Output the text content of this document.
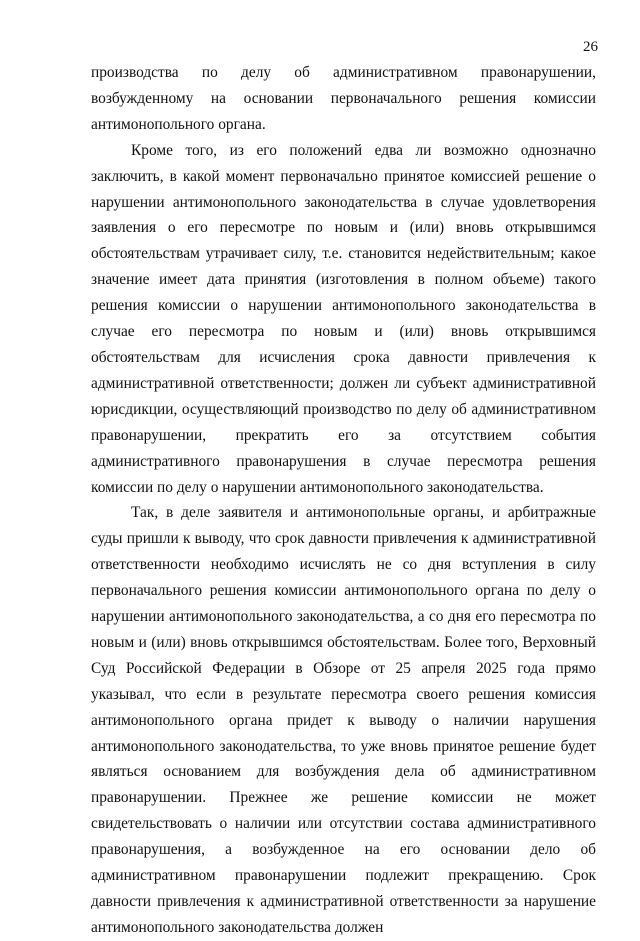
26

производства по делу об административном правонарушении, возбужденному на основании первоначального решения комиссии антимонопольного органа.

Кроме того, из его положений едва ли возможно однозначно заключить, в какой момент первоначально принятое комиссией решение о нарушении антимонопольного законодательства в случае удовлетворения заявления о его пересмотре по новым и (или) вновь открывшимся обстоятельствам утрачивает силу, т.е. становится недействительным; какое значение имеет дата принятия (изготовления в полном объеме) такого решения комиссии о нарушении антимонопольного законодательства в случае его пересмотра по новым и (или) вновь открывшимся обстоятельствам для исчисления срока давности привлечения к административной ответственности; должен ли субъект административной юрисдикции, осуществляющий производство по делу об административном правонарушении, прекратить его за отсутствием события административного правонарушения в случае пересмотра решения комиссии по делу о нарушении антимонопольного законодательства.

Так, в деле заявителя и антимонопольные органы, и арбитражные суды пришли к выводу, что срок давности привлечения к административной ответственности необходимо исчислять не со дня вступления в силу первоначального решения комиссии антимонопольного органа по делу о нарушении антимонопольного законодательства, а со дня его пересмотра по новым и (или) вновь открывшимся обстоятельствам. Более того, Верховный Суд Российской Федерации в Обзоре от 25 апреля 2025 года прямо указывал, что если в результате пересмотра своего решения комиссия антимонопольного органа придет к выводу о наличии нарушения антимонопольного законодательства, то уже вновь принятое решение будет являться основанием для возбуждения дела об административном правонарушении. Прежнее же решение комиссии не может свидетельствовать о наличии или отсутствии состава административного правонарушения, а возбужденное на его основании дело об административном правонарушении подлежит прекращению. Срок давности привлечения к административной ответственности за нарушение антимонопольного законодательства должен
